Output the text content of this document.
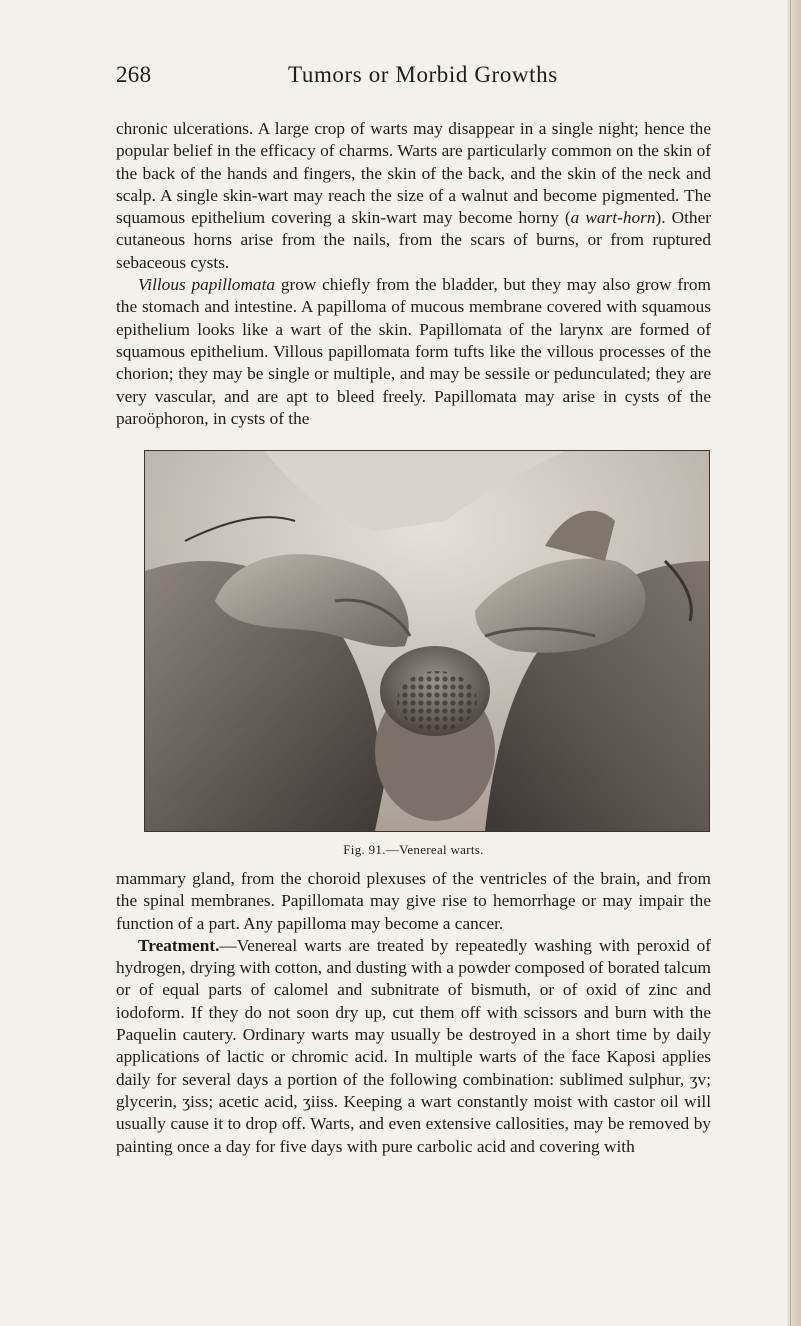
268	Tumors or Morbid Growths

chronic ulcerations. A large crop of warts may disappear in a single night; hence the popular belief in the efficacy of charms. Warts are particularly common on the skin of the back of the hands and fingers, the skin of the back, and the skin of the neck and scalp. A single skin-wart may reach the size of a walnut and become pigmented. The squamous epithelium covering a skin-wart may become horny (a wart-horn). Other cutaneous horns arise from the nails, from the scars of burns, or from ruptured sebaceous cysts.

Villous papillomata grow chiefly from the bladder, but they may also grow from the stomach and intestine. A papilloma of mucous membrane covered with squamous epithelium looks like a wart of the skin. Papillomata of the larynx are formed of squamous epithelium. Villous papillomata form tufts like the villous processes of the chorion; they may be single or multiple, and may be sessile or pedunculated; they are very vascular, and are apt to bleed freely. Papillomata may arise in cysts of the paroöphoron, in cysts of the

Fig. 91.—Venereal warts.

mammary gland, from the choroid plexuses of the ventricles of the brain, and from the spinal membranes. Papillomata may give rise to hemorrhage or may impair the function of a part. Any papilloma may become a cancer.

Treatment.—Venereal warts are treated by repeatedly washing with peroxid of hydrogen, drying with cotton, and dusting with a powder composed of borated talcum or of equal parts of calomel and subnitrate of bismuth, or of oxid of zinc and iodoform. If they do not soon dry up, cut them off with scissors and burn with the Paquelin cautery. Ordinary warts may usually be destroyed in a short time by daily applications of lactic or chromic acid. In multiple warts of the face Kaposi applies daily for several days a portion of the following combination: sublimed sulphur, ʒv; glycerin, ʒiss; acetic acid, ʒiiss. Keeping a wart constantly moist with castor oil will usually cause it to drop off. Warts, and even extensive callosities, may be removed by painting once a day for five days with pure carbolic acid and covering with
